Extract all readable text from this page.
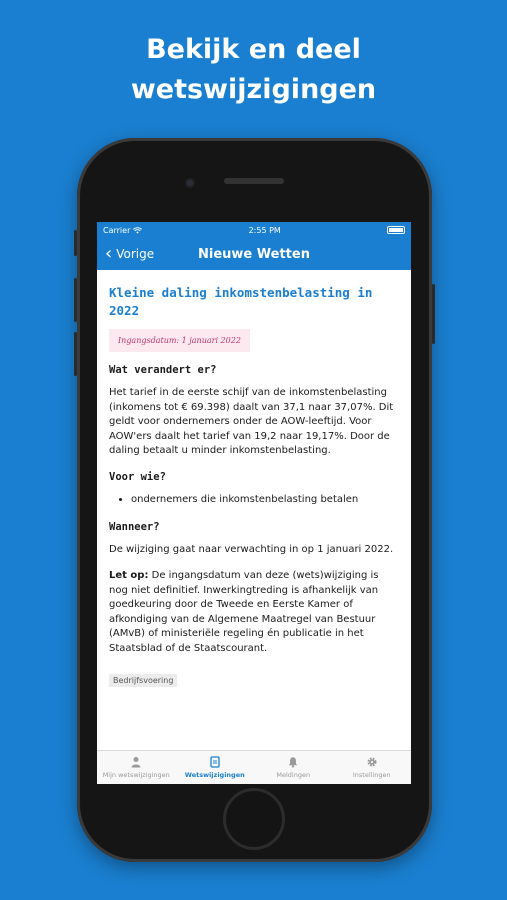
Bekijk en deel
wetswijzigingen
Carrier	2:55 PM
‹ Vorige	Nieuwe Wetten
Kleine daling inkomstenbelasting in 2022
Ingangsdatum: 1 januari 2022
Wat verandert er?

Het tarief in de eerste schijf van de inkomstenbelasting (inkomens tot € 69.398) daalt van 37,1 naar 37,07%. Dit geldt voor ondernemers onder de AOW-leeftijd. Voor AOW'ers daalt het tarief van 19,2 naar 19,17%. Door de daling betaalt u minder inkomstenbelasting.

Voor wie?
• ondernemers die inkomstenbelasting betalen
Wanneer?

De wijziging gaat naar verwachting in op 1 januari 2022.

Let op: De ingangsdatum van deze (wets)wijziging is nog niet definitief. Inwerkingtreding is afhankelijk van goedkeuring door de Tweede en Eerste Kamer of afkondiging van de Algemene Maatregel van Bestuur (AMvB) of ministeriële regeling én publicatie in het Staatsblad of de Staatscourant.

Bedrijfsvoering
Mijn wetswijzigingen Wetswijzigingen	Meldingen	Instellingen
